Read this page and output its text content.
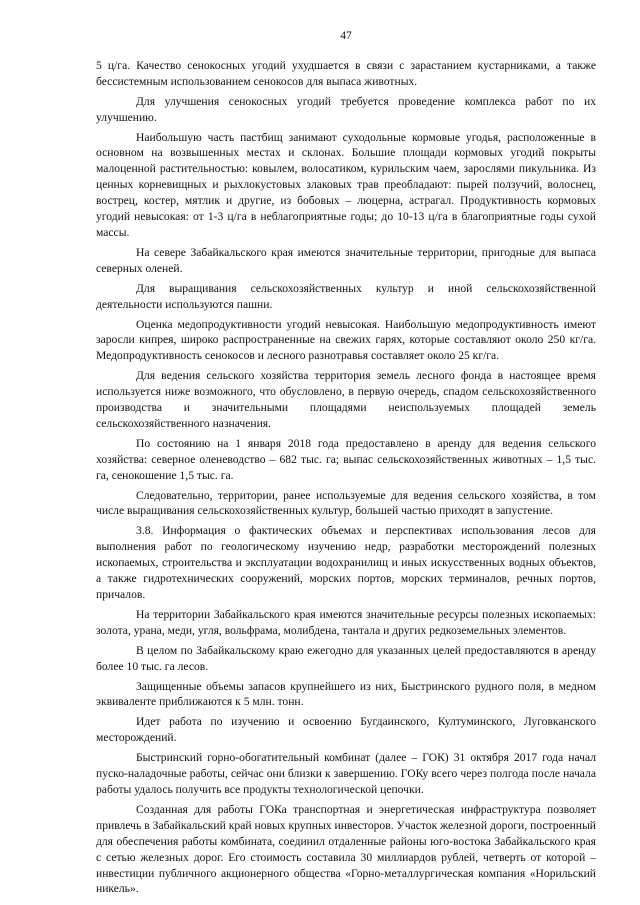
47

5 ц/га. Качество сенокосных угодий ухудшается в связи с зарастанием кустарниками, а также бессистемным использованием сенокосов для выпаса животных.

Для улучшения сенокосных угодий требуется проведение комплекса работ по их улучшению.

Наибольшую часть пастбищ занимают суходольные кормовые угодья, расположенные в основном на возвышенных местах и склонах. Большие площади кормовых угодий покрыты малоценной растительностью: ковылем, волосатиком, курильским чаем, зарослями пикульника. Из ценных корневищных и рыхлокустовых злаковых трав преобладают: пырей ползучий, волоснец, вострец, костер, мятлик и другие, из бобовых – люцерна, астрагал. Продуктивность кормовых угодий невысокая: от 1-3 ц/га в неблагоприятные годы; до 10-13 ц/га в благоприятные годы сухой массы.

На севере Забайкальского края имеются значительные территории, пригодные для выпаса северных оленей.

Для выращивания сельскохозяйственных культур и иной сельскохозяйственной деятельности используются пашни.

Оценка медопродуктивности угодий невысокая. Наибольшую медопродуктивность имеют заросли кипрея, широко распространенные на свежих гарях, которые составляют около 250 кг/га. Медопродуктивность сенокосов и лесного разнотравья составляет около 25 кг/га.

Для ведения сельского хозяйства территория земель лесного фонда в настоящее время используется ниже возможного, что обусловлено, в первую очередь, спадом сельскохозяйственного производства и значительными площадями неиспользуемых площадей земель сельскохозяйственного назначения.

По состоянию на 1 января 2018 года предоставлено в аренду для ведения сельского хозяйства: северное оленеводство – 682 тыс. га; выпас сельскохозяйственных животных – 1,5 тыс. га, сенокошение 1,5 тыс. га.

Следовательно, территории, ранее используемые для ведения сельского хозяйства, в том числе выращивания сельскохозяйственных культур, большей частью приходят в запустение.

3.8. Информация о фактических объемах и перспективах использования лесов для выполнения работ по геологическому изучению недр, разработки месторождений полезных ископаемых, строительства и эксплуатации водохранилищ и иных искусственных водных объектов, а также гидротехнических сооружений, морских портов, морских терминалов, речных портов, причалов.

На территории Забайкальского края имеются значительные ресурсы полезных ископаемых: золота, урана, меди, угля, вольфрама, молибдена, тантала и других редкоземельных элементов.

В целом по Забайкальскому краю ежегодно для указанных целей предоставляются в аренду более 10 тыс. га лесов.

Защищенные объемы запасов крупнейшего из них, Быстринского рудного поля, в медном эквиваленте приближаются к 5 млн. тонн.

Идет работа по изучению и освоению Бугдаинского, Култуминского, Луговканского месторождений.

Быстринский горно-обогатительный комбинат (далее – ГОК) 31 октября 2017 года начал пуско-наладочные работы, сейчас они близки к завершению. ГОКу всего через полгода после начала работы удалось получить все продукты технологической цепочки.

Созданная для работы ГОКа транспортная и энергетическая инфраструктура позволяет привлечь в Забайкальский край новых крупных инвесторов. Участок железной дороги, построенный для обеспечения работы комбината, соединил отдаленные районы юго-востока Забайкальского края с сетью железных дорог. Его стоимость составила 30 миллиардов рублей, четверть от которой – инвестиции публичного акционерного общества «Горно-металлургическая компания «Норильский никель».
